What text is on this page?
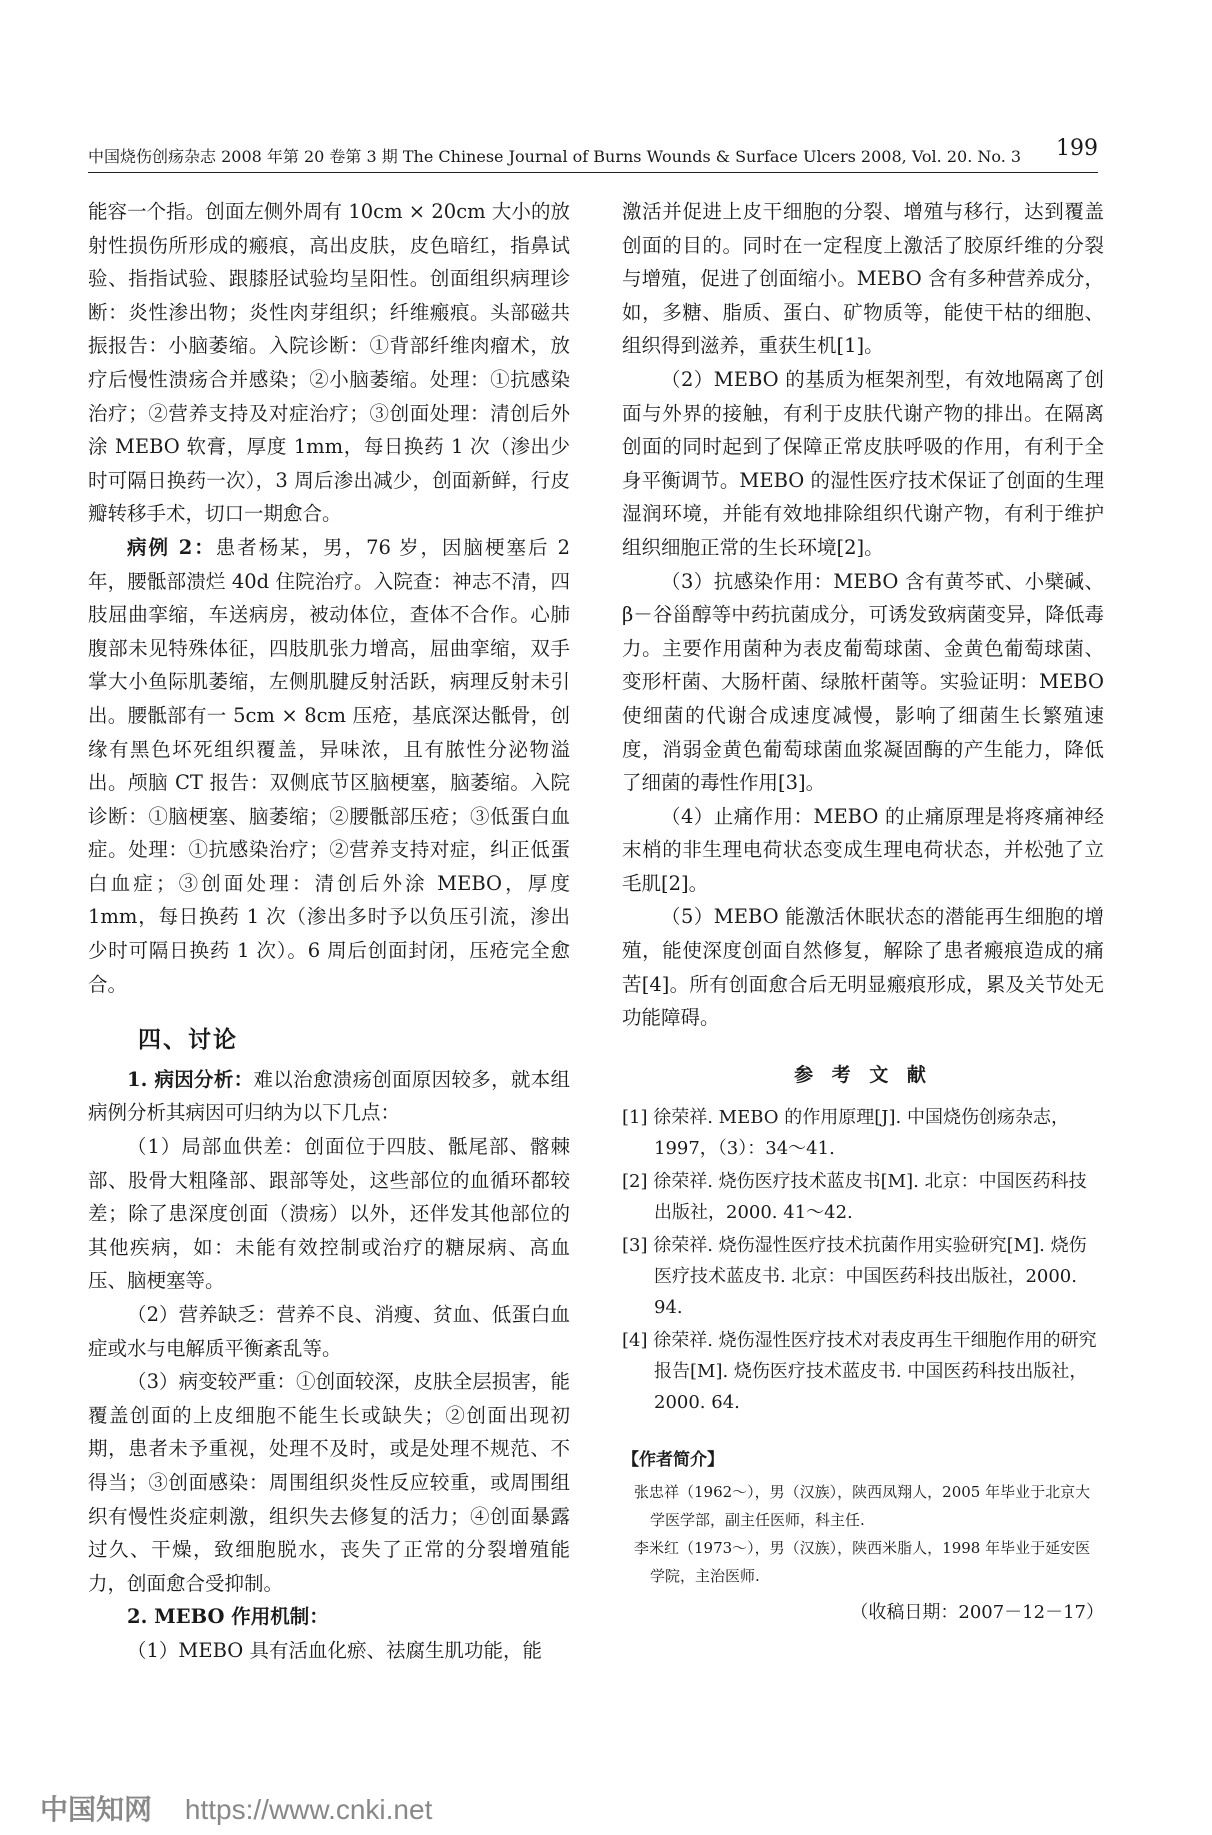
中国烧伤创疡杂志 2008 年第 20 卷第 3 期 The Chinese Journal of Burns Wounds & Surface Ulcers 2008, Vol. 20. No. 3 199

能容一个指。创面左侧外周有 10cm × 20cm 大小的放射性损伤所形成的瘢痕，高出皮肤，皮色暗红，指鼻试验、指指试验、跟膝胫试验均呈阳性。创面组织病理诊断：炎性渗出物；炎性肉芽组织；纤维瘢痕。头部磁共振报告：小脑萎缩。入院诊断：①背部纤维肉瘤术，放疗后慢性溃疡合并感染；②小脑萎缩。处理：①抗感染治疗；②营养支持及对症治疗；③创面处理：清创后外涂 MEBO 软膏，厚度 1mm，每日换药 1 次（渗出少时可隔日换药一次），3 周后渗出减少，创面新鲜，行皮瓣转移手术，切口一期愈合。

病例 2：患者杨某，男，76 岁，因脑梗塞后 2 年，腰骶部溃烂 40d 住院治疗。入院查：神志不清，四肢屈曲挛缩，车送病房，被动体位，查体不合作。心肺腹部未见特殊体征，四肢肌张力增高，屈曲挛缩，双手掌大小鱼际肌萎缩，左侧肌腱反射活跃，病理反射未引出。腰骶部有一 5cm × 8cm 压疮，基底深达骶骨，创缘有黑色坏死组织覆盖，异味浓，且有脓性分泌物溢出。颅脑 CT 报告：双侧底节区脑梗塞，脑萎缩。入院诊断：①脑梗塞、脑萎缩；②腰骶部压疮；③低蛋白血症。处理：①抗感染治疗；②营养支持对症，纠正低蛋白血症；③创面处理：清创后外涂 MEBO，厚度 1mm，每日换药 1 次（渗出多时予以负压引流，渗出少时可隔日换药 1 次）。6 周后创面封闭，压疮完全愈合。

四、讨论

1. 病因分析：难以治愈溃疡创面原因较多，就本组病例分析其病因可归纳为以下几点：

（1）局部血供差：创面位于四肢、骶尾部、髂棘部、股骨大粗隆部、跟部等处，这些部位的血循环都较差；除了患深度创面（溃疡）以外，还伴发其他部位的其他疾病，如：未能有效控制或治疗的糖尿病、高血压、脑梗塞等。

（2）营养缺乏：营养不良、消瘦、贫血、低蛋白血症或水与电解质平衡紊乱等。

（3）病变较严重：①创面较深，皮肤全层损害，能覆盖创面的上皮细胞不能生长或缺失；②创面出现初期，患者未予重视，处理不及时，或是处理不规范、不得当；③创面感染：周围组织炎性反应较重，或周围组织有慢性炎症刺激，组织失去修复的活力；④创面暴露过久、干燥，致细胞脱水，丧失了正常的分裂增殖能力，创面愈合受抑制。

2. MEBO 作用机制：

（1）MEBO 具有活血化瘀、祛腐生肌功能，能

激活并促进上皮干细胞的分裂、增殖与移行，达到覆盖创面的目的。同时在一定程度上激活了胶原纤维的分裂与增殖，促进了创面缩小。MEBO 含有多种营养成分，如，多糖、脂质、蛋白、矿物质等，能使干枯的细胞、组织得到滋养，重获生机[1]。

（2）MEBO 的基质为框架剂型，有效地隔离了创面与外界的接触，有利于皮肤代谢产物的排出。在隔离创面的同时起到了保障正常皮肤呼吸的作用，有利于全身平衡调节。MEBO 的湿性医疗技术保证了创面的生理湿润环境，并能有效地排除组织代谢产物，有利于维护组织细胞正常的生长环境[2]。

（3）抗感染作用：MEBO 含有黄芩甙、小檗碱、β－谷甾醇等中药抗菌成分，可诱发致病菌变异，降低毒力。主要作用菌种为表皮葡萄球菌、金黄色葡萄球菌、变形杆菌、大肠杆菌、绿脓杆菌等。实验证明：MEBO 使细菌的代谢合成速度减慢，影响了细菌生长繁殖速度，消弱金黄色葡萄球菌血浆凝固酶的产生能力，降低了细菌的毒性作用[3]。

（4）止痛作用：MEBO 的止痛原理是将疼痛神经末梢的非生理电荷状态变成生理电荷状态，并松弛了立毛肌[2]。

（5）MEBO 能激活休眠状态的潜能再生细胞的增殖，能使深度创面自然修复，解除了患者瘢痕造成的痛苦[4]。所有创面愈合后无明显瘢痕形成，累及关节处无功能障碍。

参 考 文 献
[1] 徐荣祥. MEBO 的作用原理[J]. 中国烧伤创疡杂志，1997，（3）：34～41.
[2] 徐荣祥. 烧伤医疗技术蓝皮书[M]. 北京：中国医药科技出版社，2000. 41～42.
[3] 徐荣祥. 烧伤湿性医疗技术抗菌作用实验研究[M]. 烧伤医疗技术蓝皮书. 北京：中国医药科技出版社，2000. 94.
[4] 徐荣祥. 烧伤湿性医疗技术对表皮再生干细胞作用的研究报告[M]. 烧伤医疗技术蓝皮书. 中国医药科技出版社，2000. 64.
【作者简介】
张忠祥（1962～），男（汉族），陕西凤翔人，2005 年毕业于北京大学医学部，副主任医师，科主任.
李米红（1973～），男（汉族），陕西米脂人，1998 年毕业于延安医学院，主治医师.
（收稿日期：2007－12－17）
中国知网 https://www.cnki.net
